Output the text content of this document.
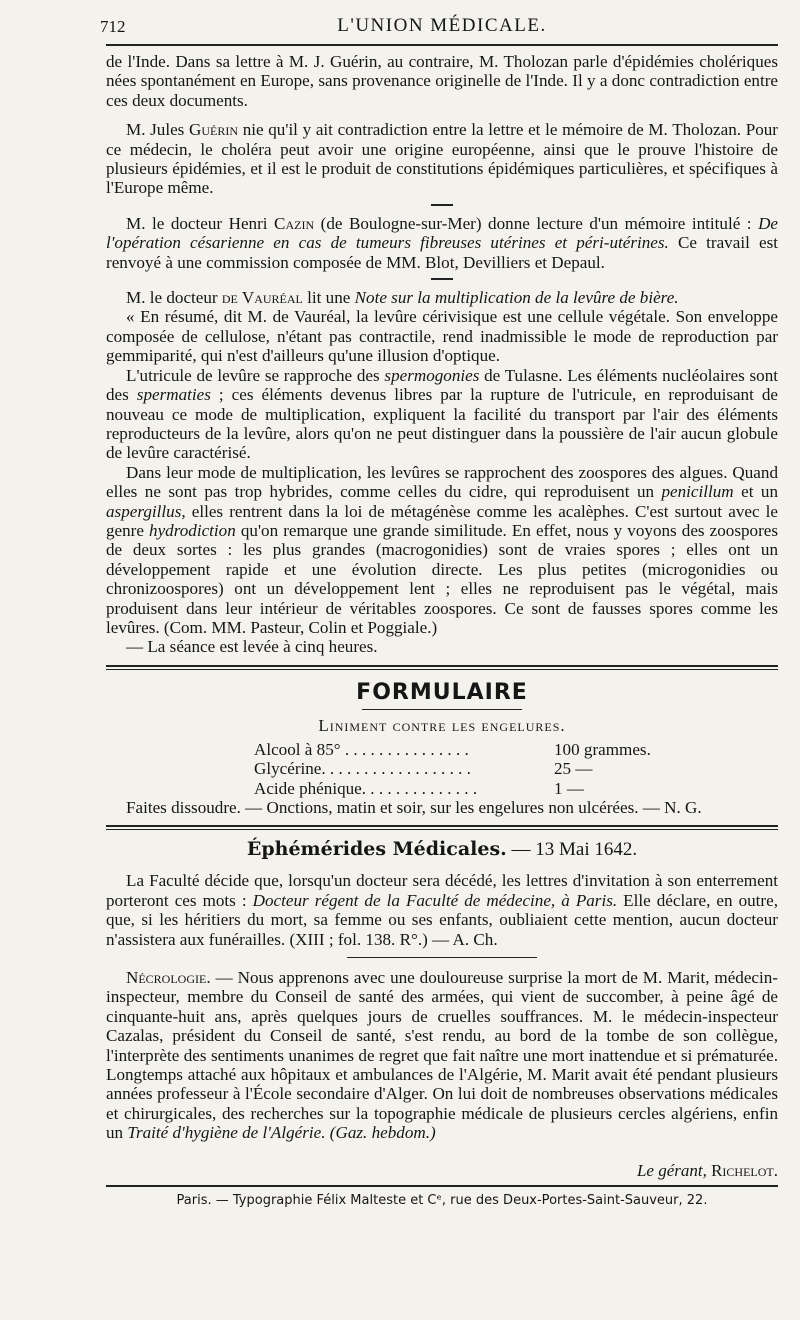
712	L'UNION MÉDICALE.

de l'Inde. Dans sa lettre à M. J. Guérin, au contraire, M. Tholozan parle d'épidémies cholériques nées spontanément en Europe, sans provenance originelle de l'Inde. Il y a donc contradiction entre ces deux documents.

M. Jules Guérin nie qu'il y ait contradiction entre la lettre et le mémoire de M. Tholozan. Pour ce médecin, le choléra peut avoir une origine européenne, ainsi que le prouve l'histoire de plusieurs épidémies, et il est le produit de constitutions épidémiques particulières, et spécifiques à l'Europe même.

M. le docteur Henri Cazin (de Boulogne-sur-Mer) donne lecture d'un mémoire intitulé : De l'opération césarienne en cas de tumeurs fibreuses utérines et péri-utérines. Ce travail est renvoyé à une commission composée de MM. Blot, Devilliers et Depaul.

M. le docteur de Vauréal lit une Note sur la multiplication de la levûre de bière.

« En résumé, dit M. de Vauréal, la levûre cérivisique est une cellule végétale. Son enveloppe composée de cellulose, n'étant pas contractile, rend inadmissible le mode de reproduction par gemmiparité, qui n'est d'ailleurs qu'une illusion d'optique.

L'utricule de levûre se rapproche des spermogonies de Tulasne. Les éléments nucléolaires sont des spermaties ; ces éléments devenus libres par la rupture de l'utricule, en reproduisant de nouveau ce mode de multiplication, expliquent la facilité du transport par l'air des éléments reproducteurs de la levûre, alors qu'on ne peut distinguer dans la poussière de l'air aucun globule de levûre caractérisé.

Dans leur mode de multiplication, les levûres se rapprochent des zoospores des algues. Quand elles ne sont pas trop hybrides, comme celles du cidre, qui reproduisent un penicillum et un aspergillus, elles rentrent dans la loi de métagénèse comme les acalèphes. C'est surtout avec le genre hydrodiction qu'on remarque une grande similitude. En effet, nous y voyons des zoospores de deux sortes : les plus grandes (macrogonidies) sont de vraies spores ; elles ont un développement rapide et une évolution directe. Les plus petites (microgonidies ou chronizoospores) ont un développement lent ; elles ne reproduisent pas le végétal, mais produisent dans leur intérieur de véritables zoospores. Ce sont de fausses spores comme les levûres. (Com. MM. Pasteur, Colin et Poggiale.)

— La séance est levée à cinq heures.

FORMULAIRE
Liniment contre les engelures.
Alcool à 85° . . . . . . . . . . . . . . .	100 grammes.
Glycérine. . . . . . . . . . . . . . . . . .	25 —
Acide phénique. . . . . . . . . . . . . .	1 —

Faites dissoudre. — Onctions, matin et soir, sur les engelures non ulcérées. — N. G.

Éphémérides Médicales. — 13 Mai 1642.

La Faculté décide que, lorsqu'un docteur sera décédé, les lettres d'invitation à son enterrement porteront ces mots : Docteur régent de la Faculté de médecine, à Paris. Elle déclare, en outre, que, si les héritiers du mort, sa femme ou ses enfants, oubliaient cette mention, aucun docteur n'assistera aux funérailles. (XIII ; fol. 138. R°.) — A. Ch.

Nécrologie. — Nous apprenons avec une douloureuse surprise la mort de M. Marit, médecin-inspecteur, membre du Conseil de santé des armées, qui vient de succomber, à peine âgé de cinquante-huit ans, après quelques jours de cruelles souffrances. M. le médecin-inspecteur Cazalas, président du Conseil de santé, s'est rendu, au bord de la tombe de son collègue, l'interprète des sentiments unanimes de regret que fait naître une mort inattendue et si prématurée. Longtemps attaché aux hôpitaux et ambulances de l'Algérie, M. Marit avait été pendant plusieurs années professeur à l'École secondaire d'Alger. On lui doit de nombreuses observations médicales et chirurgicales, des recherches sur la topographie médicale de plusieurs cercles algériens, enfin un Traité d'hygiène de l'Algérie. (Gaz. hebdom.)

Le gérant, Richelot.
Paris. — Typographie Félix Malteste et Cᵉ, rue des Deux-Portes-Saint-Sauveur, 22.
